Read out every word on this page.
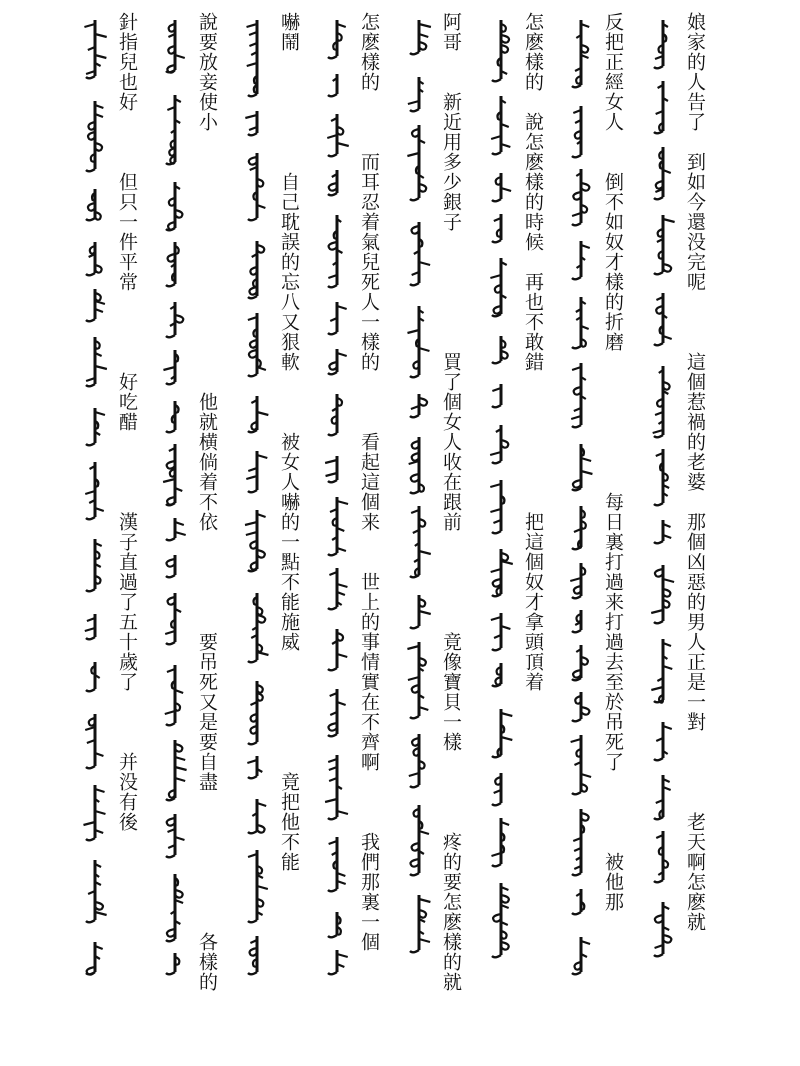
娘家的人告了　到如今還没完呢　　　這個惹禍的老婆　那個凶惡的男人正是一對　　　　老天啊怎麽就
反把正經女人　　倒不如奴才樣的折磨　　　　　　　每日裏打過来打過去至於吊死了　　　　被他那
怎麽樣的　說怎麽樣的時候　再也不敢錯　　　　　　　把這個奴才拿頭頂着
阿哥　　新近用多少銀子　　　　　　買了個女人收在跟前　　　　　竟像寶貝一樣　　　　疼的要怎麽樣的就
怎麽樣的　　　而耳忍着氣兒死人一樣的　　　看起這個来　　世上的事情實在不齊啊　　　我們那裏一個
嚇鬧　　　　　　自己耽誤的忘八又狠軟　　　被女人嚇的一點不能施威　　　　　　竟把他不能
說要放妾使小　　　　　　　　　　　　　他就横倘着不依　　　　　要吊死又是要自盡　　　　　　　各樣的
針指兒也好　　　但只一件平常　　　　好吃醋　　　　漢子直過了五十歲了　　　并没有後
